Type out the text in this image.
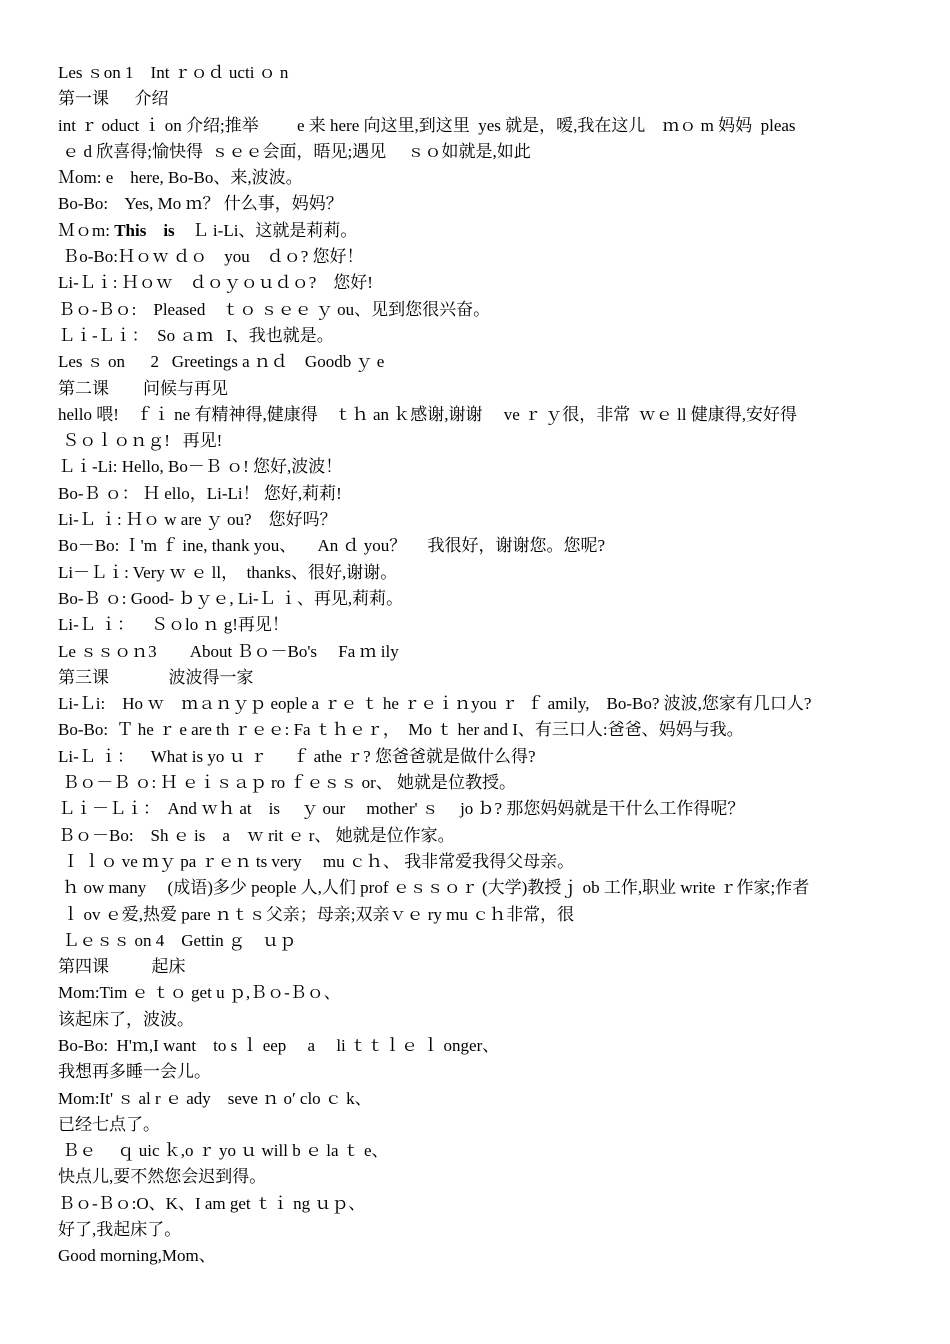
Les ｓon 1    Int ｒｏｄ ucti ｏ n
第一课      介绍
int ｒ oduct ｉ on 介绍;推举         e 来 here 向这里,到这里  yes 就是，嗳,我在这儿    ｍｏ m 妈妈  pleas
ｅ d 欣喜得;愉快得  ｓｅｅ会面，晤见;遇见     ｓｏ如就是,如此
Ｍom: e    here, Bo-Bo、来,波波。
Bo-Bo:    Yes, Mo ｍ？ 什么事，妈妈？
Ｍｏm: This    is    Ｌ i-Li、这就是莉莉。
Ｂo-Bo:Ｈｏｗ ｄｏ    you    ｄｏ? 您好！
Li-Ｌｉ: Ｈｏｗ    ｄｏｙｏｕｄｏ?    您好!
Ｂｏ-Ｂｏ:    Pleased    ｔｏ ｓｅｅ ｙ ou、见到您很兴奋。
Ｌｉ-Ｌｉ：  So ａｍ   I、我也就是。
Les ｓ on      2   Greetings a ｎｄ    Goodb ｙ e
第二课        问候与再见
hello 喂!    ｆｉ ne 有精神得,健康得    ｔｈ an ｋ感谢,谢谢     ve ｒ ｙ很，非常  ｗｅ ll 健康得,安好得
Ｓｏｌｏｎｇ!   再见!
Ｌｉ-Li: Hello, Bo－Ｂ ｏ! 您好,波波！
Bo-Ｂ ｏ： Ｈ ello，Li-Li！ 您好,莉莉!
Li-Ｌ ｉ: Ｈｏ w are ｙ ou?    您好吗？
Bo－Bo: Ｉ'm ｆ ine, thank you、     An ｄ you？     我很好，谢谢您。您呢?
Li－Ｌｉ: Very ｗ ｅ ll，  thanks、很好,谢谢。
Bo-Ｂ ｏ: Good- ｂｙｅ, Li-Ｌ ｉ、再见,莉莉。
Li-Ｌ ｉ：    Ｓｏlo ｎ g!再见！
Le ｓｓｏｎ3        About Ｂｏ－Bo's     Fa ｍ ily
第三课              波波得一家
Li-Ｌi:    Ho ｗ    ｍａｎｙｐ eople a ｒｅ ｔ he ｒｅｉｎyou ｒ  ｆ amily,    Bo-Bo? 波波,您家有几口人?
Bo-Bo:  Ｔ he ｒ e are th ｒｅｅ: Fa ｔｈｅｒ，  Mo ｔ her and I、有三口人:爸爸、妈妈与我。
Li-Ｌ ｉ：    What is yo ｕ ｒ      ｆ athe ｒ? 您爸爸就是做什么得?
Ｂｏ－Ｂ ｏ: Ｈ ｅｉｓａｐ ro ｆｅｓｓ or、 她就是位教授。
Ｌｉ－Ｌｉ：  And ｗｈ at    is     ｙ our     mother' ｓ     jo ｂ? 那您妈妈就是干什么工作得呢？
Ｂｏ－Bo:    Sh ｅ is    a    ｗ rit ｅ r、 她就是位作家。
Ｉ ｌｏ ve ｍｙ pa ｒｅｎ ts very     mu ｃｈ、 我非常爱我得父母亲。
ｈ ow many     (成语)多少 people 人,人们 prof ｅｓｓｏｒ (大学)教授ｊ ob 工作,职业 write ｒ作家;作者
ｌ ov ｅ爱,热爱 pare ｎｔｓ父亲；母亲;双亲ｖｅ ry mu ｃｈ非常，很
Ｌｅｓｓ on 4    Gettin ｇ    ｕｐ
第四课          起床
Mom:Tim ｅ ｔｏ get u ｐ,Ｂｏ-Ｂｏ、
该起床了，波波。
Bo-Bo:  H'ｍ,I want    to s ｌ eep     a     li ｔｔｌｅ ｌ onger、
我想再多睡一会儿。
Mom:It' ｓ al r ｅ ady    seve ｎ o′ clo ｃ k、
已经七点了。
Ｂｅ     ｑ uic ｋ,o ｒ yo ｕ will b ｅ la ｔ e、
快点儿,要不然您会迟到得。
Ｂｏ-Ｂｏ:O、K、I am get ｔｉ ng ｕｐ、
好了,我起床了。
Good morning,Mom、
